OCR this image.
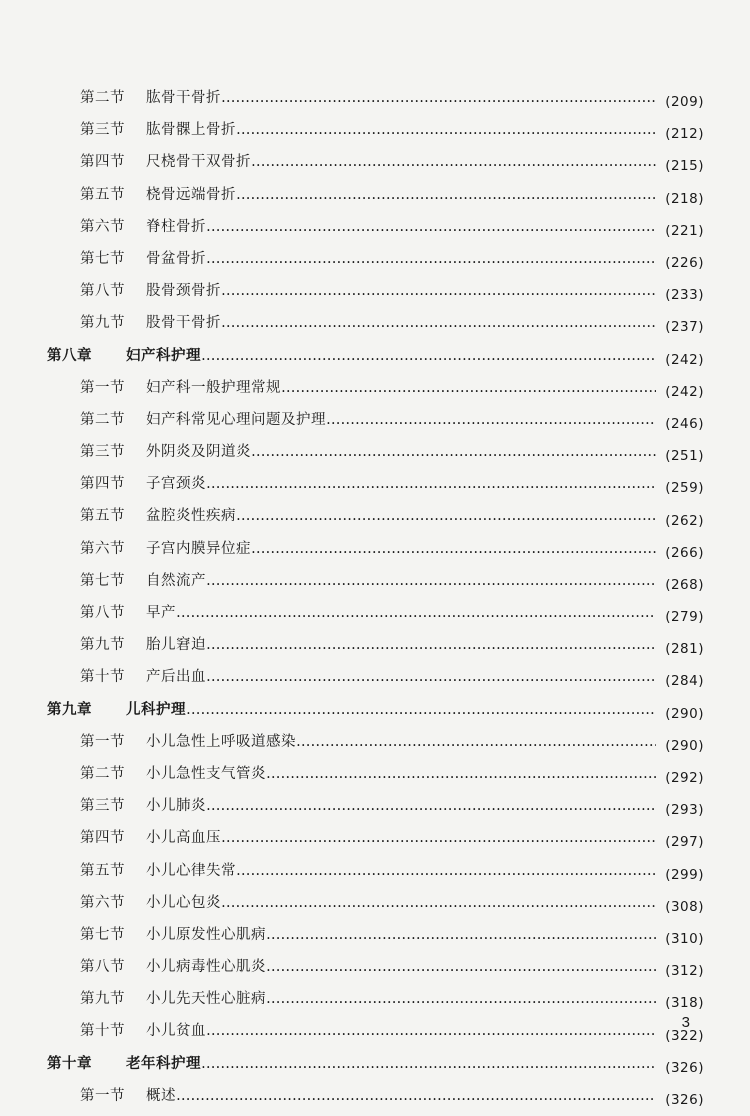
第二节 肱骨干骨折 ………………………………………………………………………………………………………………………………	(209)
第三节 肱骨髁上骨折 ………………………………………………………………………………………………………………………………	(212)
第四节 尺桡骨干双骨折 ………………………………………………………………………………………………………………………………	(215)
第五节 桡骨远端骨折 ………………………………………………………………………………………………………………………………	(218)
第六节 脊柱骨折 ………………………………………………………………………………………………………………………………	(221)
第七节 骨盆骨折 ………………………………………………………………………………………………………………………………	(226)
第八节 股骨颈骨折 ………………………………………………………………………………………………………………………………	(233)
第九节 股骨干骨折 ………………………………………………………………………………………………………………………………	(237)
第八章 妇产科护理 ………………………………………………………………………………………………………………………………	(242)
第一节 妇产科一般护理常规 ………………………………………………………………………………………………………………………………	(242)
第二节 妇产科常见心理问题及护理 ………………………………………………………………………………………………………………………………	(246)
第三节 外阴炎及阴道炎 ………………………………………………………………………………………………………………………………	(251)
第四节 子宫颈炎 ………………………………………………………………………………………………………………………………	(259)
第五节 盆腔炎性疾病 ………………………………………………………………………………………………………………………………	(262)
第六节 子宫内膜异位症 ………………………………………………………………………………………………………………………………	(266)
第七节 自然流产 ………………………………………………………………………………………………………………………………	(268)
第八节 早产 ………………………………………………………………………………………………………………………………	(279)
第九节 胎儿窘迫 ………………………………………………………………………………………………………………………………	(281)
第十节 产后出血 ………………………………………………………………………………………………………………………………	(284)
第九章 儿科护理 ………………………………………………………………………………………………………………………………	(290)
第一节 小儿急性上呼吸道感染 ………………………………………………………………………………………………………………………………	(290)
第二节 小儿急性支气管炎 ………………………………………………………………………………………………………………………………	(292)
第三节 小儿肺炎 ………………………………………………………………………………………………………………………………	(293)
第四节 小儿高血压 ………………………………………………………………………………………………………………………………	(297)
第五节 小儿心律失常 ………………………………………………………………………………………………………………………………	(299)
第六节 小儿心包炎 ………………………………………………………………………………………………………………………………	(308)
第七节 小儿原发性心肌病 ………………………………………………………………………………………………………………………………	(310)
第八节 小儿病毒性心肌炎 ………………………………………………………………………………………………………………………………	(312)
第九节 小儿先天性心脏病 ………………………………………………………………………………………………………………………………	(318)
第十节 小儿贫血 ………………………………………………………………………………………………………………………………	(322)
第十章 老年科护理 ………………………………………………………………………………………………………………………………	(326)
第一节 概述 ………………………………………………………………………………………………………………………………	(326)
3
